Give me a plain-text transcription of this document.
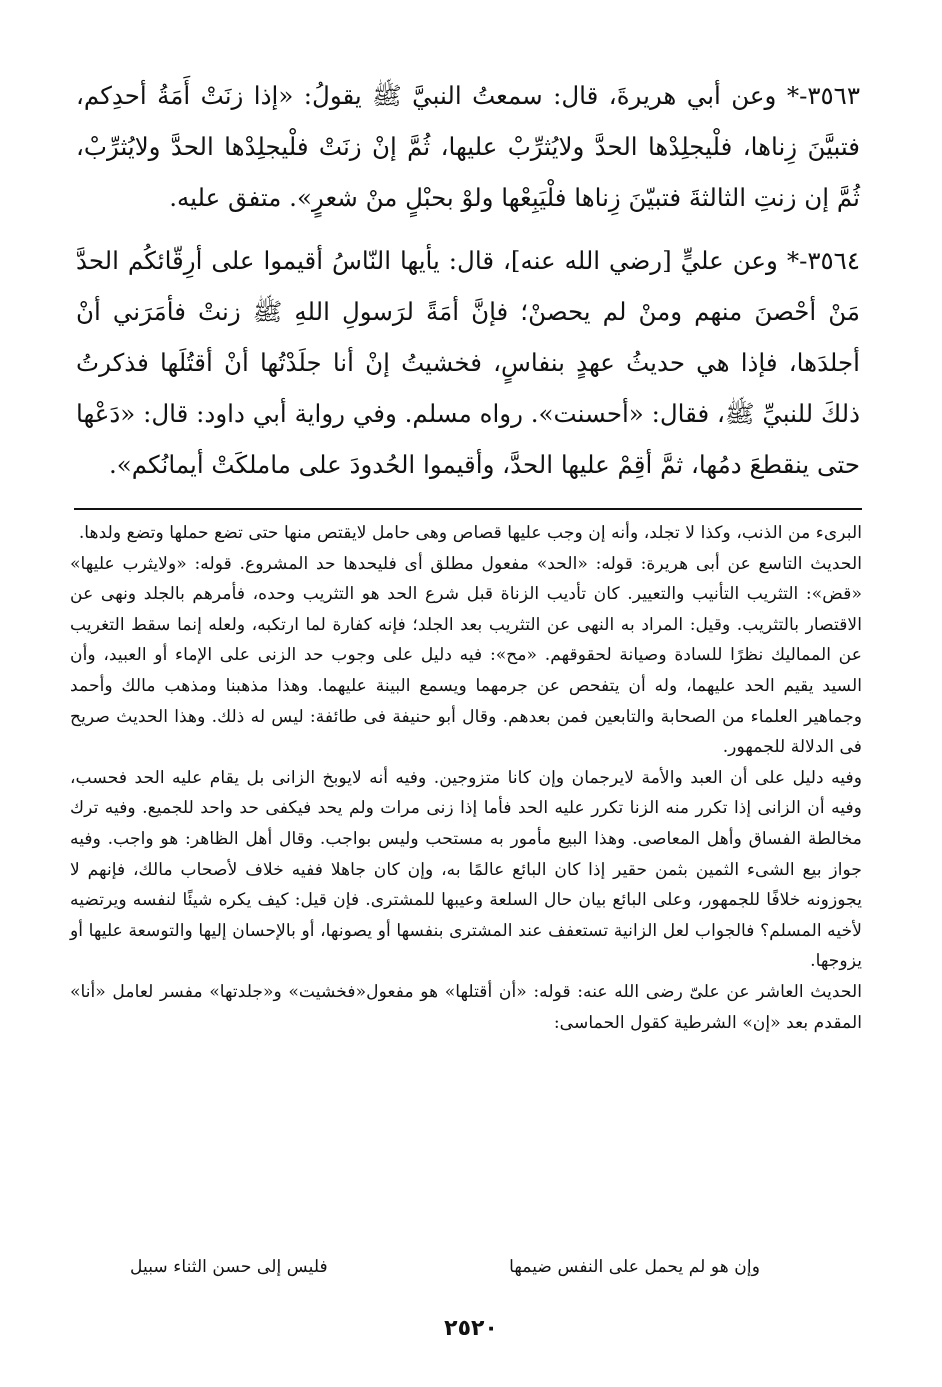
٣٥٦٣-* وعن أبي هريرةَ، قال: سمعتُ النبيَّ ﷺ يقولُ: «إذا زنَتْ أَمَةُ أحدِكم، فتبيَّنَ زِناها، فلْيجلِدْها الحدَّ ولايُثرِّبْ عليها، ثُمَّ إنْ زنَتْ فلْيجلِدْها الحدَّ ولايُثرِّبْ، ثُمَّ إن زنتِ الثالثةَ فتبيّنَ زِناها فلْيَبِعْها ولوْ بحبْلٍ منْ شعرٍ». متفق عليه.

٣٥٦٤-* وعن عليٍّ [رضي الله عنه]، قال: يأيها النّاسُ أقيموا على أرِقّائكُم الحدَّ مَنْ أحْصنَ منهم ومنْ لم يحصنْ؛ فإنَّ أمَةً لرَسولِ اللهِ ﷺ زنتْ فأمَرَني أنْ أجلدَها، فإذا هي حديثُ عهدٍ بنفاسٍ، فخشيتُ إنْ أنا جلَدْتُها أنْ أقتُلَها فذكرتُ ذلكَ للنبيِّ ﷺ، فقال: «أحسنت». رواه مسلم. وفي رواية أبي داود: قال: «دَعْها حتى ينقطعَ دمُها، ثمَّ أقِمْ عليها الحدَّ، وأقيموا الحُدودَ على ماملكَتْ أيمانُكم».

البرىء من الذنب، وكذا لا تجلد، وأنه إن وجب عليها قصاص وهى حامل لايقتص منها حتى تضع حملها وتضع ولدها.

الحديث التاسع عن أبى هريرة: قوله: «الحد» مفعول مطلق أى فليحدها حد المشروع. قوله: «ولايثرب عليها» «قض»: التثريب التأنيب والتعيير. كان تأديب الزناة قبل شرع الحد هو التثريب وحده، فأمرهم بالجلد ونهى عن الاقتصار بالتثريب. وقيل: المراد به النهى عن التثريب بعد الجلد؛ فإنه كفارة لما ارتكبه، ولعله إنما سقط التغريب عن المماليك نظرًا للسادة وصيانة لحقوقهم. «مح»: فيه دليل على وجوب حد الزنى على الإماء أو العبيد، وأن السيد يقيم الحد عليهما، وله أن يتفحص عن جرمهما ويسمع البينة عليهما. وهذا مذهبنا ومذهب مالك وأحمد وجماهير العلماء من الصحابة والتابعين فمن بعدهم. وقال أبو حنيفة فى طائفة: ليس له ذلك. وهذا الحديث صريح فى الدلالة للجمهور.

وفيه دليل على أن العبد والأمة لايرجمان وإن كانا متزوجين. وفيه أنه لايوبخ الزانى بل يقام عليه الحد فحسب، وفيه أن الزانى إذا تكرر منه الزنا تكرر عليه الحد فأما إذا زنى مرات ولم يحد فيكفى حد واحد للجميع. وفيه ترك مخالطة الفساق وأهل المعاصى. وهذا البيع مأمور به مستحب وليس بواجب. وقال أهل الظاهر: هو واجب. وفيه جواز بيع الشىء الثمين بثمن حقير إذا كان البائع عالمًا به، وإن كان جاهلا ففيه خلاف لأصحاب مالك، فإنهم لا يجوزونه خلافًا للجمهور، وعلى البائع بيان حال السلعة وعيبها للمشترى. فإن قيل: كيف يكره شيئًا لنفسه ويرتضيه لأخيه المسلم؟ فالجواب لعل الزانية تستعفف عند المشترى بنفسها أو يصونها، أو بالإحسان إليها والتوسعة عليها أو يزوجها.

الحديث العاشر عن علىّ رضى الله عنه: قوله: «أن أقتلها» هو مفعول«فخشيت» و«جلدتها» مفسر لعامل «أنا» المقدم بعد «إن» الشرطية كقول الحماسى:

وإن هو لم يحمل على النفس ضيمها
فليس إلى حسن الثناء سبيل
٢٥٢٠
